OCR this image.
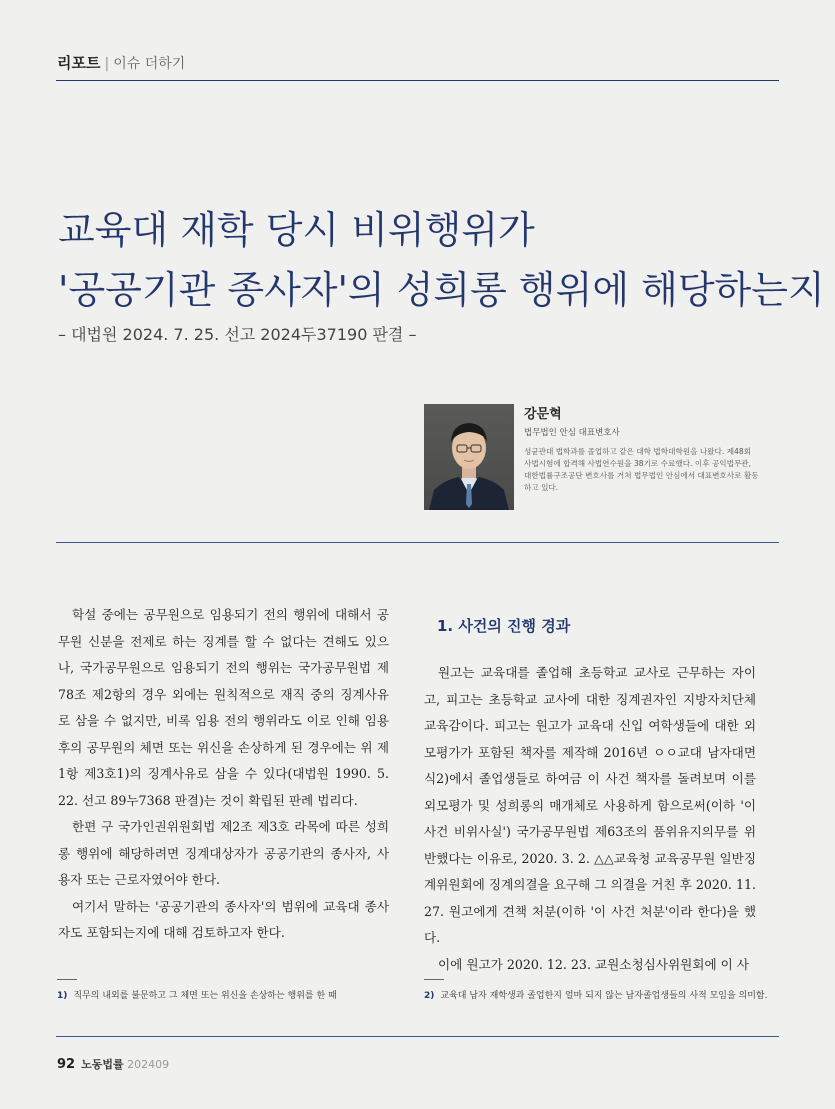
리포트 | 이슈 더하기
교육대 재학 당시 비위행위가
'공공기관 종사자'의 성희롱 행위에 해당하는지
– 대법원 2024. 7. 25. 선고 2024두37190 판결 –
강문혁
법무법인 안심 대표변호사
성균관대 법학과를 졸업하고 같은 대학 법학대학원을 나왔다. 제48회 사법시험에 합격해 사법연수원을 38기로 수료했다. 이후 공익법무관, 대한법률구조공단 변호사를 거쳐 법무법인 안심에서 대표변호사로 활동하고 있다.

학설 중에는 공무원으로 임용되기 전의 행위에 대해서 공무원 신분을 전제로 하는 징계를 할 수 없다는 견해도 있으나, 국가공무원으로 임용되기 전의 행위는 국가공무원법 제78조 제2항의 경우 외에는 원칙적으로 재직 중의 징계사유로 삼을 수 없지만, 비록 임용 전의 행위라도 이로 인해 임용 후의 공무원의 체면 또는 위신을 손상하게 된 경우에는 위 제1항 제3호1)의 징계사유로 삼을 수 있다(대법원 1990. 5. 22. 선고 89누7368 판결)는 것이 확립된 판례 법리다.

한편 구 국가인권위원회법 제2조 제3호 라목에 따른 성희롱 행위에 해당하려면 징계대상자가 공공기관의 종사자, 사용자 또는 근로자였어야 한다.

여기서 말하는 '공공기관의 종사자'의 범위에 교육대 종사자도 포함되는지에 대해 검토하고자 한다.

1. 사건의 진행 경과

원고는 교육대를 졸업해 초등학교 교사로 근무하는 자이고, 피고는 초등학교 교사에 대한 징계권자인 지방자치단체 교육감이다. 피고는 원고가 교육대 신입 여학생들에 대한 외모평가가 포함된 책자를 제작해 2016년 ㅇㅇ교대 남자대면식2)에서 졸업생들로 하여금 이 사건 책자를 돌려보며 이를 외모평가 및 성희롱의 매개체로 사용하게 함으로써(이하 '이 사건 비위사실') 국가공무원법 제63조의 품위유지의무를 위반했다는 이유로, 2020. 3. 2. △△교육청 교육공무원 일반징계위원회에 징계의결을 요구해 그 의결을 거친 후 2020. 11. 27. 원고에게 견책 처분(이하 '이 사건 처분'이라 한다)을 했다.

이에 원고가 2020. 12. 23. 교원소청심사위원회에 이 사

1) 직무의 내외를 불문하고 그 체면 또는 위신을 손상하는 행위를 한 때	2) 교육대 남자 재학생과 졸업한지 얼마 되지 않는 남자졸업생들의 사적 모임을 의미함.
92 노동법률 202409
